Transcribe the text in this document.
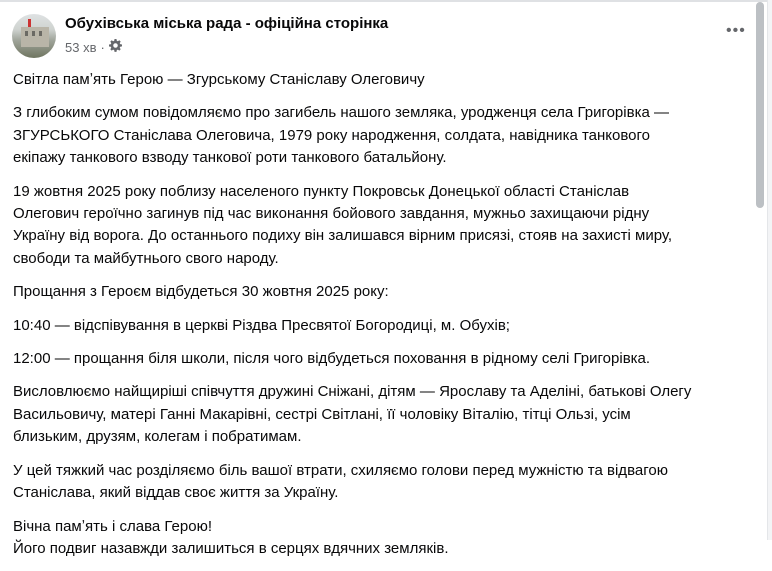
Обухівська міська рада - офіційна сторінка
53 хв ·
•••

Світла памʼять Герою — Згурському Станіславу Олеговичу

З глибоким сумом повідомляємо про загибель нашого земляка, уродженця села Григорівка —
ЗГУРСЬКОГО Станіслава Олеговича, 1979 року народження, солдата, навідника танкового
екіпажу танкового взводу танкової роти танкового батальйону.

19 жовтня 2025 року поблизу населеного пункту Покровськ Донецької області Станіслав
Олегович героїчно загинув під час виконання бойового завдання, мужньо захищаючи рідну
Україну від ворога. До останнього подиху він залишався вірним присязі, стояв на захисті миру,
свободи та майбутнього свого народу.

Прощання з Героєм відбудеться 30 жовтня 2025 року:

10:40 — відспівування в церкві Різдва Пресвятої Богородиці, м. Обухів;

12:00 — прощання біля школи, після чого відбудеться поховання в рідному селі Григорівка.

Висловлюємо найщиріші співчуття дружині Сніжані, дітям — Ярославу та Аделіні, батькові Олегу
Васильовичу, матері Ганні Макарівні, сестрі Світлані, її чоловіку Віталію, тітці Ользі, усім
близьким, друзям, колегам і побратимам.

У цей тяжкий час розділяємо біль вашої втрати, схиляємо голови перед мужністю та відвагою
Станіслава, який віддав своє життя за Україну.

Вічна памʼять і слава Герою!
Його подвиг назавжди залишиться в серцях вдячних земляків.
